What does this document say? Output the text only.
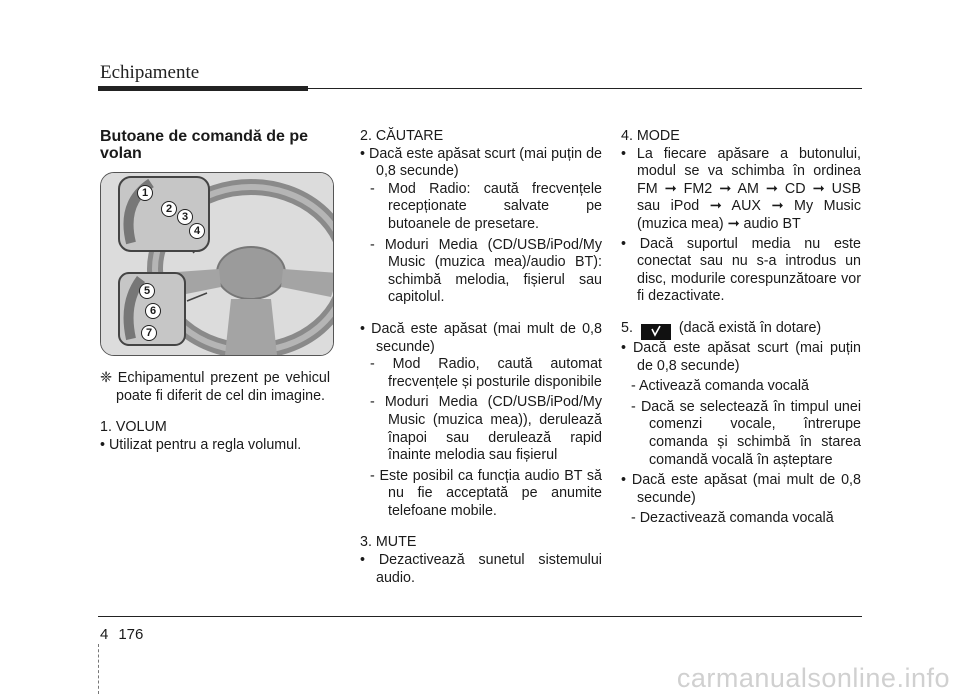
Echipamente

Butoane de comandă de pe volan

1
2
3
4
5
6
7

❈ Echipamentul prezent pe vehicul poate fi diferit de cel din imagine.

1. VOLUM

• Utilizat pentru a regla volumul.

2. CĂUTARE

• Dacă este apăsat scurt (mai puțin de 0,8 secunde)

- Mod Radio: caută frecvențele recepționate salvate pe butoanele de presetare.

- Moduri Media (CD/USB/iPod/My Music (muzica mea)/audio BT): schimbă melodia, fișierul sau capitolul.

• Dacă este apăsat (mai mult de 0,8 secunde)

- Mod Radio, caută automat frecvențele și posturile disponibile

- Moduri Media (CD/USB/iPod/My Music (muzica mea)), derulează înapoi sau derulează rapid înainte melodia sau fișierul

- Este posibil ca funcția audio BT să nu fie acceptată pe anumite telefoane mobile.

3. MUTE

• Dezactivează sunetul sistemului audio.

4. MODE

• La fiecare apăsare a butonului, modul se va schimba în ordinea FM ➞ FM2 ➞ AM ➞ CD ➞ USB sau iPod ➞ AUX ➞ My Music (muzica mea) ➞ audio BT

• Dacă suportul media nu este conectat sau nu s-a introdus un disc, modurile corespunzătoare vor fi dezactivate.

5.	(dacă există în dotare)

• Dacă este apăsat scurt (mai puțin de 0,8 secunde)

- Activează comanda vocală

- Dacă se selectează în timpul unei comenzi vocale, întrerupe comanda și schimbă în starea comandă vocală în așteptare

• Dacă este apăsat (mai mult de 0,8 secunde)

- Dezactivează comanda vocală

4 176
carmanualsonline.info
